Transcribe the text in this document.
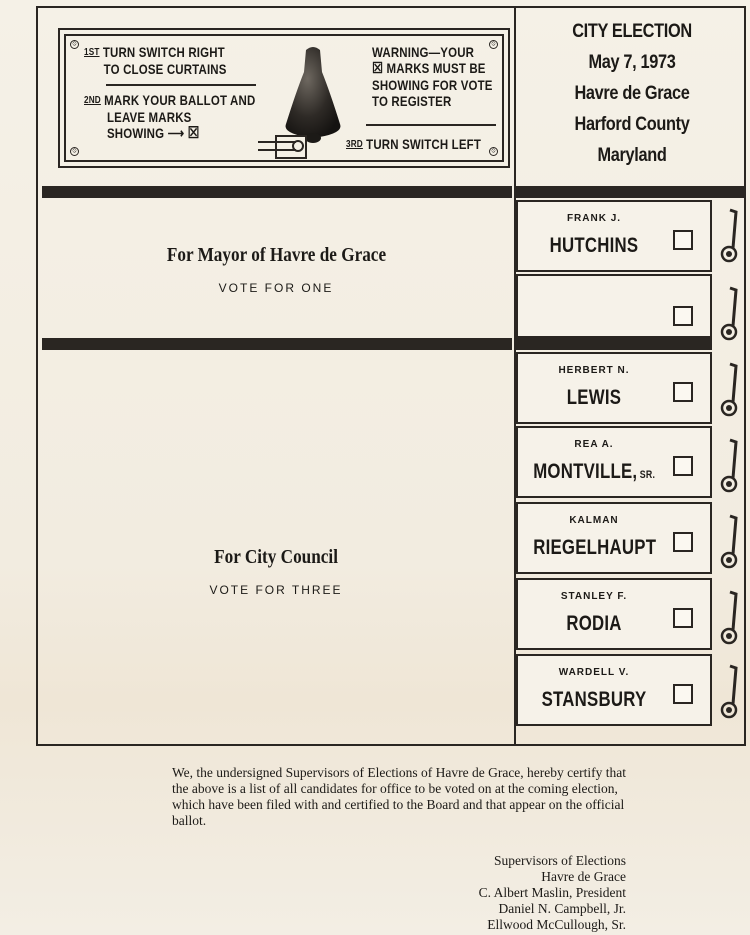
⦸	⦸
⦸	⦸
1ST TURN SWITCH RIGHT
TO CLOSE CURTAINS
2ND MARK YOUR BALLOT AND
LEAVE MARKS
SHOWING ⟶ ☒
WARNING—YOUR
☒ MARKS MUST BE
SHOWING FOR VOTE
TO REGISTER
3RD TURN SWITCH LEFT
CITY ELECTION
May 7, 1973
Havre de Grace
Harford County
Maryland
For Mayor of Havre de Grace
VOTE FOR ONE
For City Council
VOTE FOR THREE
FRANK J.
HUTCHINS
HERBERT N.
LEWIS
REA A.
MONTVILLE, SR.
KALMAN
RIEGELHAUPT
STANLEY F.
RODIA
WARDELL V.
STANSBURY
We, the undersigned Supervisors of Elections of Havre de Grace, hereby certify that the above is a list of all candidates for office to be voted on at the coming election, which have been filed with and certified to the Board and that appear on the official ballot.
Supervisors of Elections
Havre de Grace
C. Albert Maslin, President
Daniel N. Campbell, Jr.
Ellwood McCullough, Sr.
